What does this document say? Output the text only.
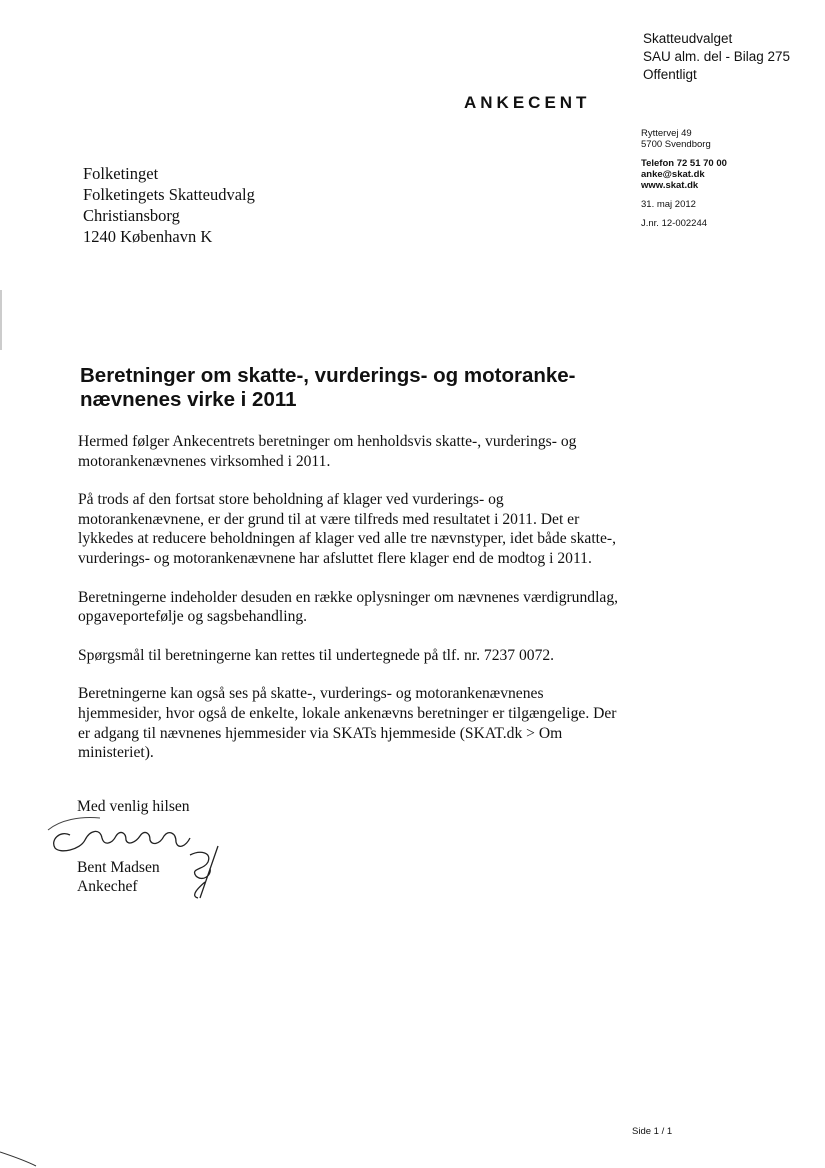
Skatteudvalget
SAU alm. del - Bilag 275
Offentligt
ANKECENT
Ryttervej 49
5700 Svendborg
Telefon 72 51 70 00
anke@skat.dk
www.skat.dk
31. maj 2012
J.nr. 12-002244
Folketinget
Folketingets Skatteudvalg
Christiansborg
1240 København K
Beretninger om skatte-, vurderings- og motoranke-nævnenes virke i 2011

Hermed følger Ankecentrets beretninger om henholdsvis skatte-, vurderings- og motorankenævnenes virksomhed i 2011.

På trods af den fortsat store beholdning af klager ved vurderings- og motorankenævnene, er der grund til at være tilfreds med resultatet i 2011. Det er lykkedes at reducere beholdningen af klager ved alle tre nævnstyper, idet både skatte-, vurderings- og motorankenævnene har afsluttet flere klager end de modtog i 2011.

Beretningerne indeholder desuden en række oplysninger om nævnenes værdigrundlag, opgaveportefølje og sagsbehandling.

Spørgsmål til beretningerne kan rettes til undertegnede på tlf. nr. 7237 0072.

Beretningerne kan også ses på skatte-, vurderings- og motorankenævnenes hjemmesider, hvor også de enkelte, lokale ankenævns beretninger er tilgængelige. Der er adgang til nævnenes hjemmesider via SKATs hjemmeside (SKAT.dk > Om ministeriet).

Med venlig hilsen
Bent Madsen
Ankechef
Side 1 / 1
